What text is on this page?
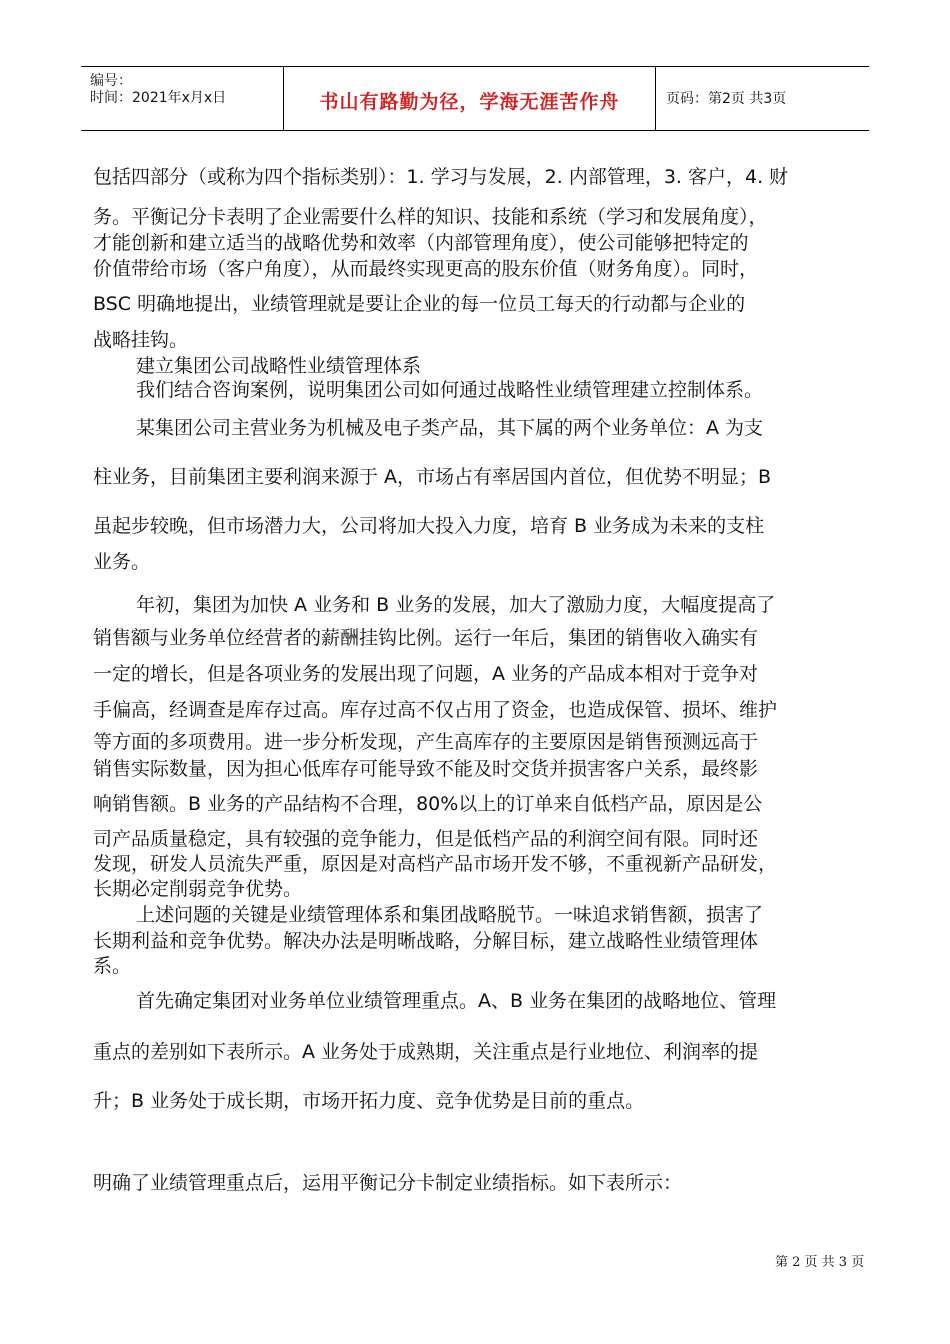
编号：
时间：2021年x月x日	书山有路勤为径，学海无涯苦作舟	页码：第2页 共3页
包括四部分（或称为四个指标类别）：1. 学习与发展，2. 内部管理，3. 客户，4. 财
务。平衡记分卡表明了企业需要什么样的知识、技能和系统（学习和发展角度），
才能创新和建立适当的战略优势和效率（内部管理角度），使公司能够把特定的
价值带给市场（客户角度），从而最终实现更高的股东价值（财务角度）。同时，
BSC 明确地提出，业绩管理就是要让企业的每一位员工每天的行动都与企业的
战略挂钩。
建立集团公司战略性业绩管理体系
我们结合咨询案例，说明集团公司如何通过战略性业绩管理建立控制体系。
某集团公司主营业务为机械及电子类产品，其下属的两个业务单位：A 为支
柱业务，目前集团主要利润来源于 A，市场占有率居国内首位，但优势不明显；B
虽起步较晚，但市场潜力大，公司将加大投入力度，培育 B 业务成为未来的支柱
业务。
年初，集团为加快 A 业务和 B 业务的发展，加大了激励力度，大幅度提高了
销售额与业务单位经营者的薪酬挂钩比例。运行一年后，集团的销售收入确实有
一定的增长，但是各项业务的发展出现了问题，A 业务的产品成本相对于竞争对
手偏高，经调查是库存过高。库存过高不仅占用了资金，也造成保管、损坏、维护
等方面的多项费用。进一步分析发现，产生高库存的主要原因是销售预测远高于
销售实际数量，因为担心低库存可能导致不能及时交货并损害客户关系，最终影
响销售额。B 业务的产品结构不合理，80%以上的订单来自低档产品，原因是公
司产品质量稳定，具有较强的竞争能力，但是低档产品的利润空间有限。同时还
发现，研发人员流失严重，原因是对高档产品市场开发不够，不重视新产品研发，
长期必定削弱竞争优势。
上述问题的关键是业绩管理体系和集团战略脱节。一味追求销售额，损害了
长期利益和竞争优势。解决办法是明晰战略，分解目标，建立战略性业绩管理体
系。
首先确定集团对业务单位业绩管理重点。A、B 业务在集团的战略地位、管理
重点的差别如下表所示。A 业务处于成熟期，关注重点是行业地位、利润率的提
升；B 业务处于成长期，市场开拓力度、竞争优势是目前的重点。
明确了业绩管理重点后，运用平衡记分卡制定业绩指标。如下表所示：
第 2 页 共 3 页
